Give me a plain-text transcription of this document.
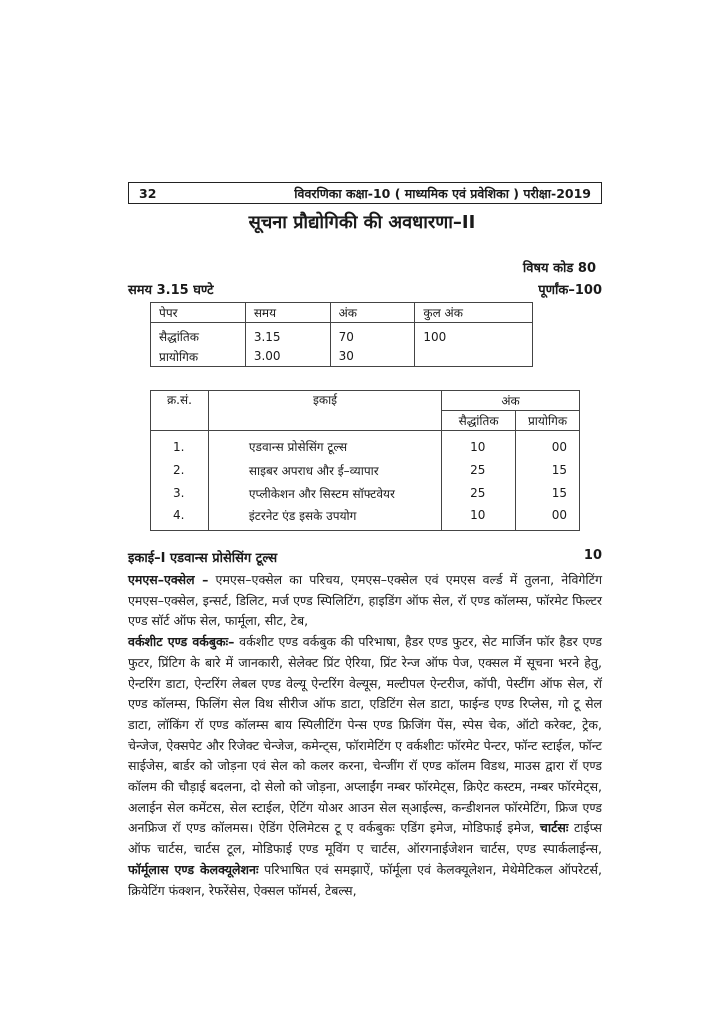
32	विवरणिका कक्षा-10 ( माध्यमिक एवं प्रवेशिका ) परीक्षा-2019
सूचना प्रौद्योगिकी की अवधारणा–II
विषय कोड 80
समय 3.15 घण्टे	पूर्णांक–100
पेपर	समय	अंक	कुल अंक
सैद्धांतिक	3.15	70	100
प्रायोगिक	3.00	30	
क्र.सं.	इकाई	अंक	
		सैद्धांतिक	प्रायोगिक
1.	एडवान्स प्रोसेसिंग टूल्स	10	00
2.	साइबर अपराध और ई–व्यापार	25	15
3.	एप्लीकेशन और सिस्टम सॉफ्टवेयर	25	15
4.	इंटरनेट एंड इसके उपयोग	10	00
इकाई–I एडवान्स प्रोसेसिंग टूल्स	10

एमएस–एक्सेल – एमएस–एक्सेल का परिचय, एमएस–एक्सेल एवं एमएस वर्ल्ड में तुलना, नेविगेटिंग एमएस–एक्सेल, इन्सर्ट, डिलिट, मर्ज एण्ड स्पिलिटिंग, हाइडिंग ऑफ सेल, रॉ एण्ड कॉलम्स, फॉरमेट फिल्टर एण्ड सॉर्ट ऑफ सेल, फार्मूला, सीट, टेब,

वर्कशीट एण्ड वर्कबुकः– वर्कशीट एण्ड वर्कबुक की परिभाषा, हैडर एण्ड फुटर, सेट मार्जिन फॉर हैडर एण्ड फुटर, प्रिंटिग के बारे में जानकारी, सेलेक्ट प्रिंट ऐरिया, प्रिंट रेन्ज ऑफ पेज, एक्सल में सूचना भरने हेतु, ऐन्टरिंग डाटा, ऐन्टरिंग लेबल एण्ड वेल्यू ऐन्टरिंग वेल्यूस, मल्टीपल ऐन्टरीज, कॉपी, पेस्टींग ऑफ सेल, रॉ एण्ड कॉलम्स, फिलिंग सेल विथ सीरीज ऑफ डाटा, एडिटिंग सेल डाटा, फाईन्ड एण्ड रिप्लेस, गो टू सेल डाटा, लॉकिंग रॉ एण्ड कॉलम्स बाय स्पिलीटिंग पेन्स एण्ड फ्रिजिंग पेंस, स्पेस चेक, ऑटो करेक्ट, ट्रेक, चेन्जेज, ऐक्सपेट और रिजेक्ट चेन्जेज, कमेन्ट्स, फॉरामेटिंग ए वर्कशीटः फॉरमेट पेन्टर, फॉन्ट स्टाईल, फॉन्ट साईजेस, बार्डर को जोड़ना एवं सेल को कलर करना, चेन्जींग रॉ एण्ड कॉलम विडथ, माउस द्वारा रॉ एण्ड कॉलम की चौड़ाई बदलना, दो सेलो को जोड़ना, अप्लाईंग नम्बर फॉरमेट्स, क्रिऐट कस्टम, नम्बर फॉरमेट्स, अलाईन सेल कमेंटस, सेल स्टाईल, ऐटिंग योअर आउन सेल स्आईल्स, कन्डीशनल फॉरमेटिंग, फ्रिज एण्ड अनफ्रिज रॉ एण्ड कॉलमस। ऐडिंग ऐलिमेटस टू ए वर्कबुकः एडिंग इमेज, मोडिफाई इमेज, चार्टसः टाईप्स ऑफ चार्टस, चार्टस टूल, मोडिफाई एण्ड मूविंग ए चार्टस, ऑरगनाईजेशन चार्टस, एण्ड स्पार्कलाईन्स, फॉर्मूलास एण्ड केलक्यूलेशनः परिभाषित एवं समझाऐं, फॉर्मूला एवं केलक्यूलेशन, मेथेमेटिकल ऑपरेटर्स, क्रियेटिंग फंक्शन, रेफरेंसेस, ऐक्सल फॉमर्स, टेबल्स,
